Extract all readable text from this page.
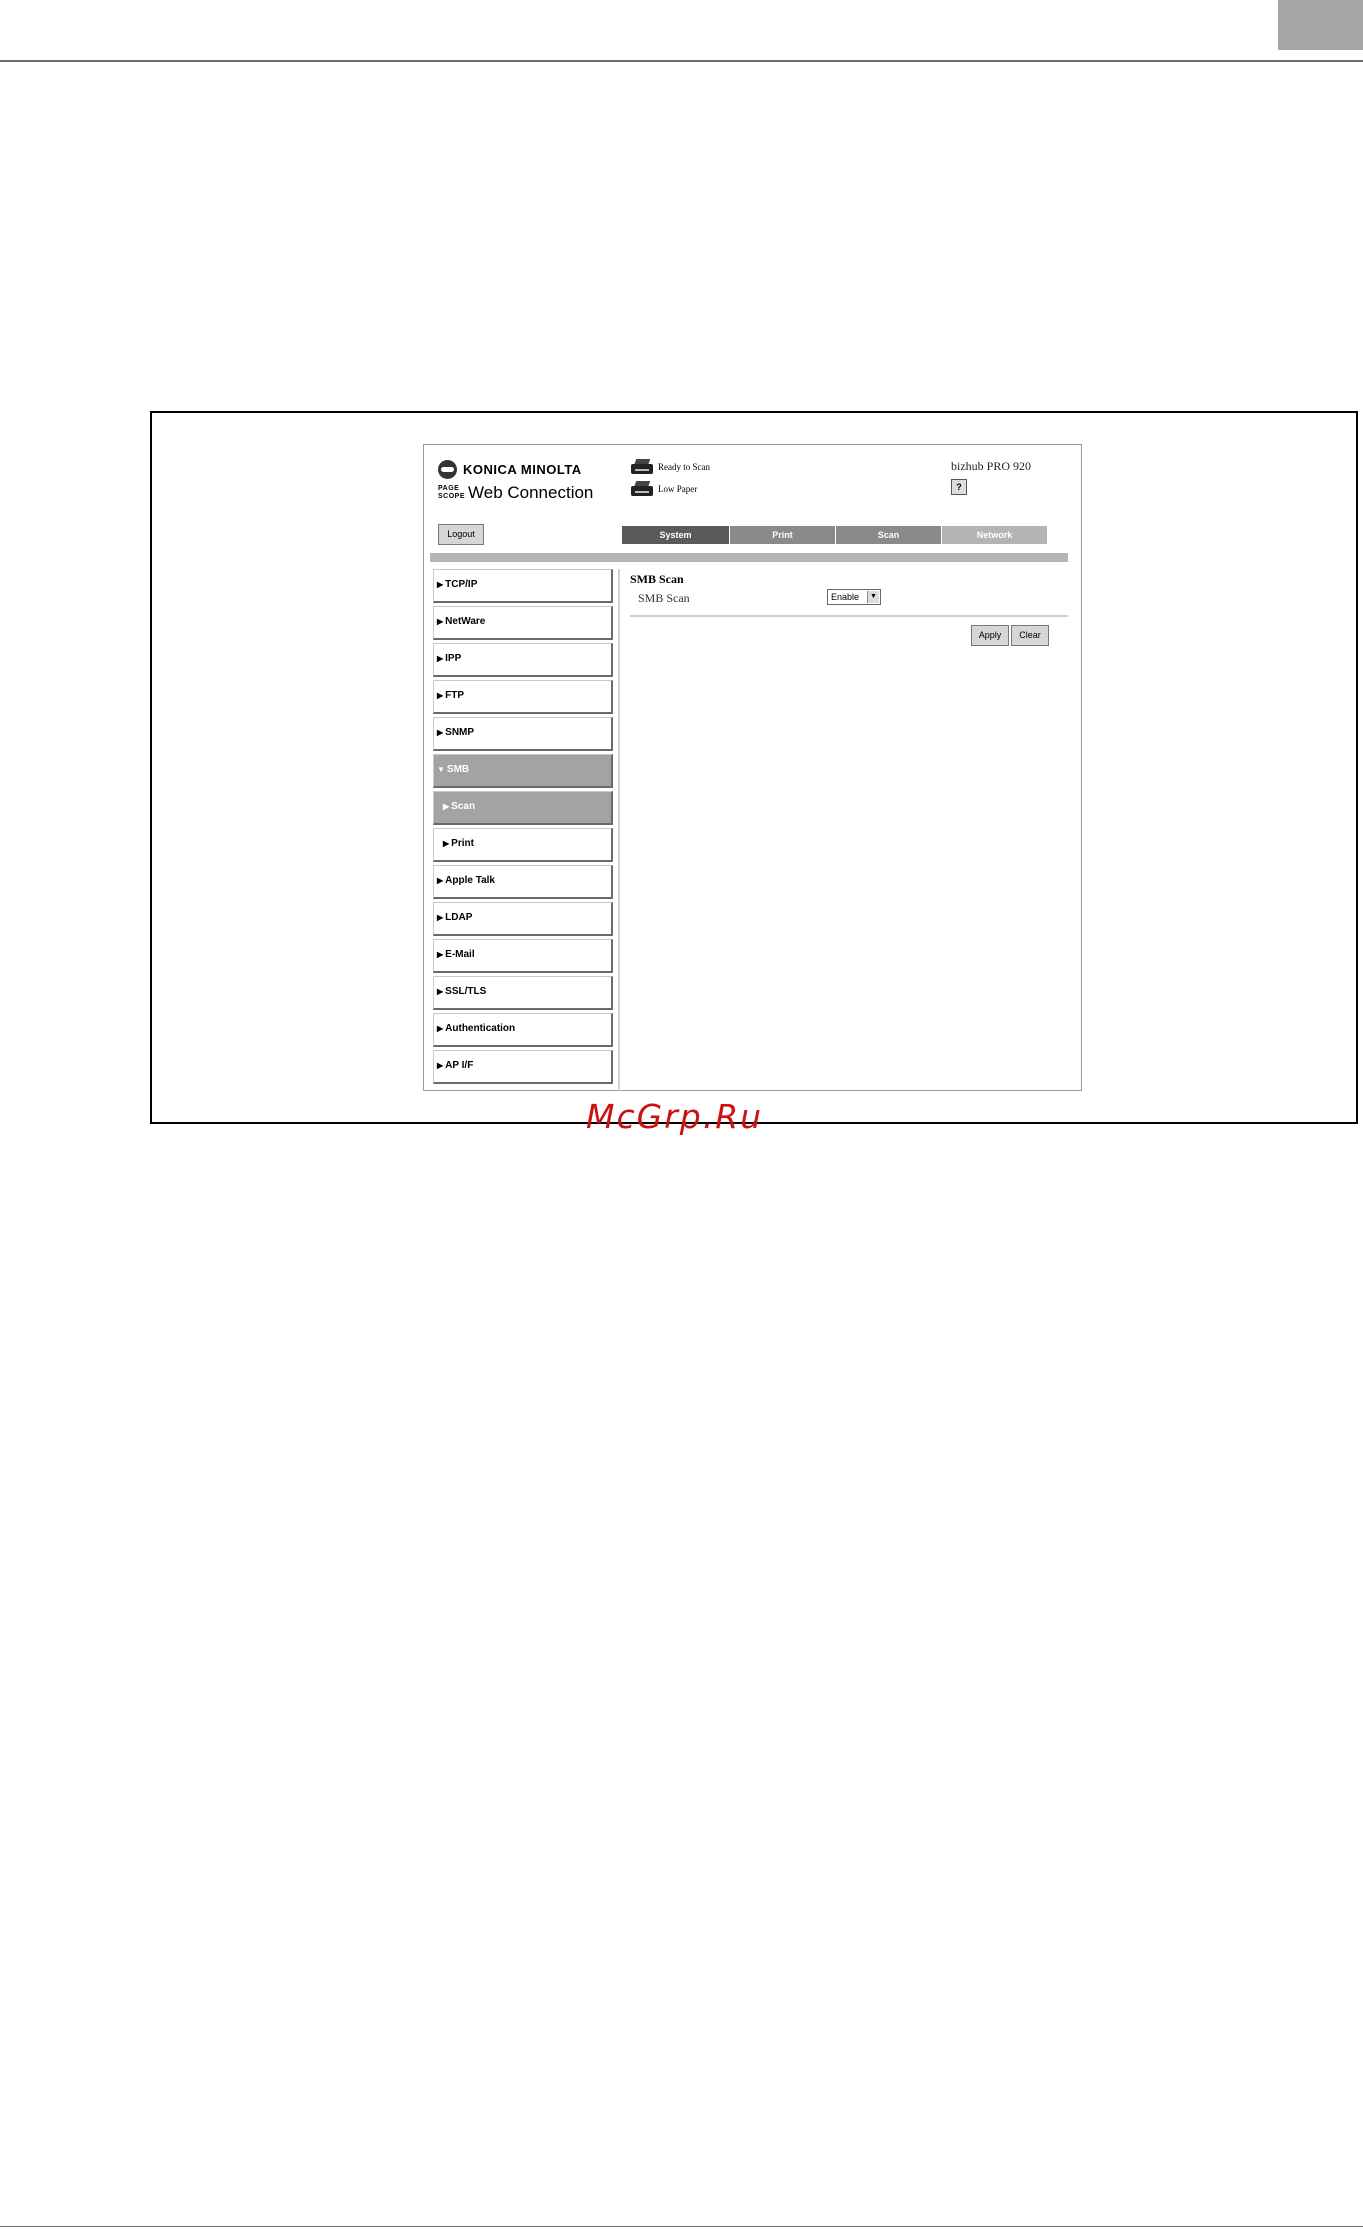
KONICA MINOLTA
PAGE
SCOPE Web Connection
Ready to Scan
Low Paper
bizhub PRO 920
?
Logout	System	Print	Scan	Network
▶ TCP/IP
▶ NetWare
▶ IPP
▶ FTP
▶ SNMP
▼ SMB
▶ Scan
▶ Print
▶ Apple Talk
▶ LDAP
▶ E-Mail
▶ SSL/TLS
▶ Authentication
▶ AP I/F
SMB Scan
SMB Scan	Enable	▼
Apply	Clear
McGrp.Ru
